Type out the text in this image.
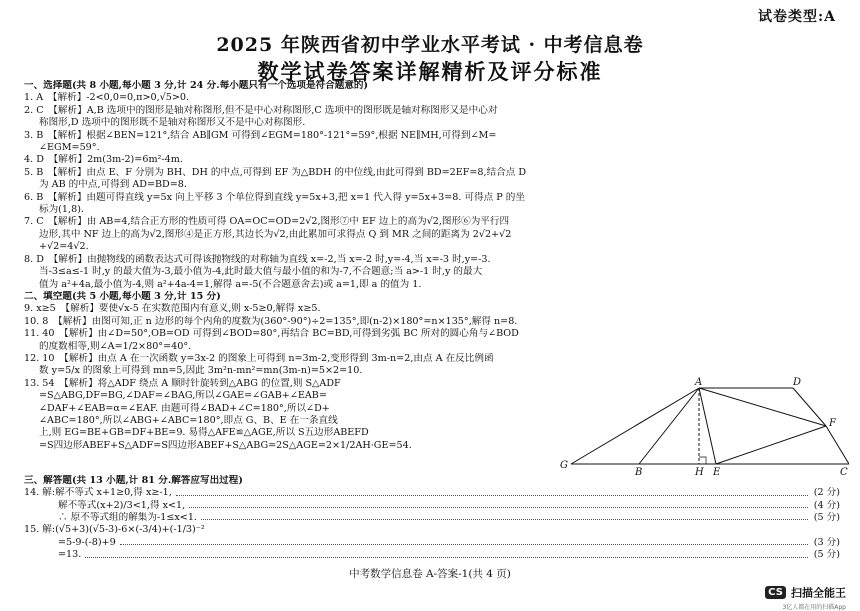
试卷类型:A
2025 年陕西省初中学业水平考试 · 中考信息卷
数学试卷答案详解精析及评分标准
一、选择题(共 8 小题,每小题 3 分,计 24 分.每小题只有一个选项是符合题意的)
1. A　【解析】-2<0,0=0,π>0,√5>0.
2. C　【解析】A,B 选项中的图形是轴对称图形,但不是中心对称图形,C 选项中的图形既是轴对称图形又是中心对
称图形,D 选项中的图形既不是轴对称图形又不是中心对称图形.
3. B　【解析】根据∠BEN=121°,结合 AB∥GM 可得到∠EGM=180°-121°=59°,根据 NE∥MH,可得到∠M=
∠EGM=59°.
4. D　【解析】2m(3m-2)=6m²-4m.
5. B　【解析】由点 E、F 分别为 BH、DH 的中点,可得到 EF 为△BDH 的中位线,由此可得到 BD=2EF=8,结合点 D
为 AB 的中点,可得到 AD=BD=8.
6. B　【解析】由题可得直线 y=5x 向上平移 3 个单位得到直线 y=5x+3,把 x=1 代入得 y=5x+3=8. 可得点 P 的坐
标为(1,8).
7. C　【解析】由 AB=4,结合正方形的性质可得 OA=OC=OD=2√2,图形⑦中 EF 边上的高为√2,图形⑥为平行四
边形,其中 NF 边上的高为√2,图形④是正方形,其边长为√2,由此累加可求得点 Q 到 MR 之间的距离为 2√2+√2
+√2=4√2.
8. D　【解析】由抛物线的函数表达式可得该抛物线的对称轴为直线 x=-2,当 x=-2 时,y=-4,当 x=-3 时,y=-3.
当-3≤a≤-1 时,y 的最大值为-3,最小值为-4,此时最大值与最小值的和为-7,不合题意;当 a>-1 时,y 的最大
值为 a²+4a,最小值为-4,则 a²+4a-4=1,解得 a=-5(不合题意舍去)或 a=1,即 a 的值为 1.
二、填空题(共 5 小题,每小题 3 分,计 15 分)
9. x≥5　【解析】要使√x-5 在实数范围内有意义,则 x-5≥0,解得 x≥5.
10. 8　【解析】由图可知,正 n 边形的每个内角的度数为(360°-90°)÷2=135°,即(n-2)×180°=n×135°,解得 n=8.
11. 40　【解析】由∠D=50°,OB=OD 可得到∠BOD=80°,再结合 BC=BD,可得到劣弧 BC 所对的圆心角与∠BOD
的度数相等,则∠A=1/2×80°=40°.
12. 10　【解析】由点 A 在一次函数 y=3x-2 的图象上可得到 n=3m-2,变形得到 3m-n=2,由点 A 在反比例函
数 y=5/x 的图象上可得到 mn=5,因此 3m²n-mn²=mn(3m-n)=5×2=10.
13. 54　【解析】将△ADF 绕点 A 顺时针旋转到△ABG 的位置,则 S△ADF
=S△ABG,DF=BG,∠DAF=∠BAG,所以∠GAE=∠GAB+∠EAB=
∠DAF+∠EAB=α=∠EAF. 由题可得∠BAD+∠C=180°,所以∠D+
∠ABC=180°,所以∠ABG+∠ABC=180°,即点 G、B、E 在一条直线
上,则 EG=BE+GB=DF+BE=9. 易得△AFE≌△AGE,所以 S五边形ABEFD
=S四边形ABEF+S△ADF=S四边形ABEF+S△ABG=2S△AGE=2×1/2AH·GE=54.
A	D
F
C
G
B	H E
三、解答题(共 13 小题,计 81 分.解答应写出过程)
14. 解:解不等式 x+1≥0,得 x≥-1,	(2 分)
解不等式(x+2)/3<1,得 x<1,	(4 分)
∴ 原不等式组的解集为-1≤x<1.	(5 分)
15. 解:(√5+3)(√5-3)-6×(-3/4)+(-1/3)⁻²
=5-9-(-8)+9	(3 分)
=13.	(5 分)
中考数学信息卷 A-答案-1(共 4 页)
CS 扫描全能王
3亿人都在用的扫描App
